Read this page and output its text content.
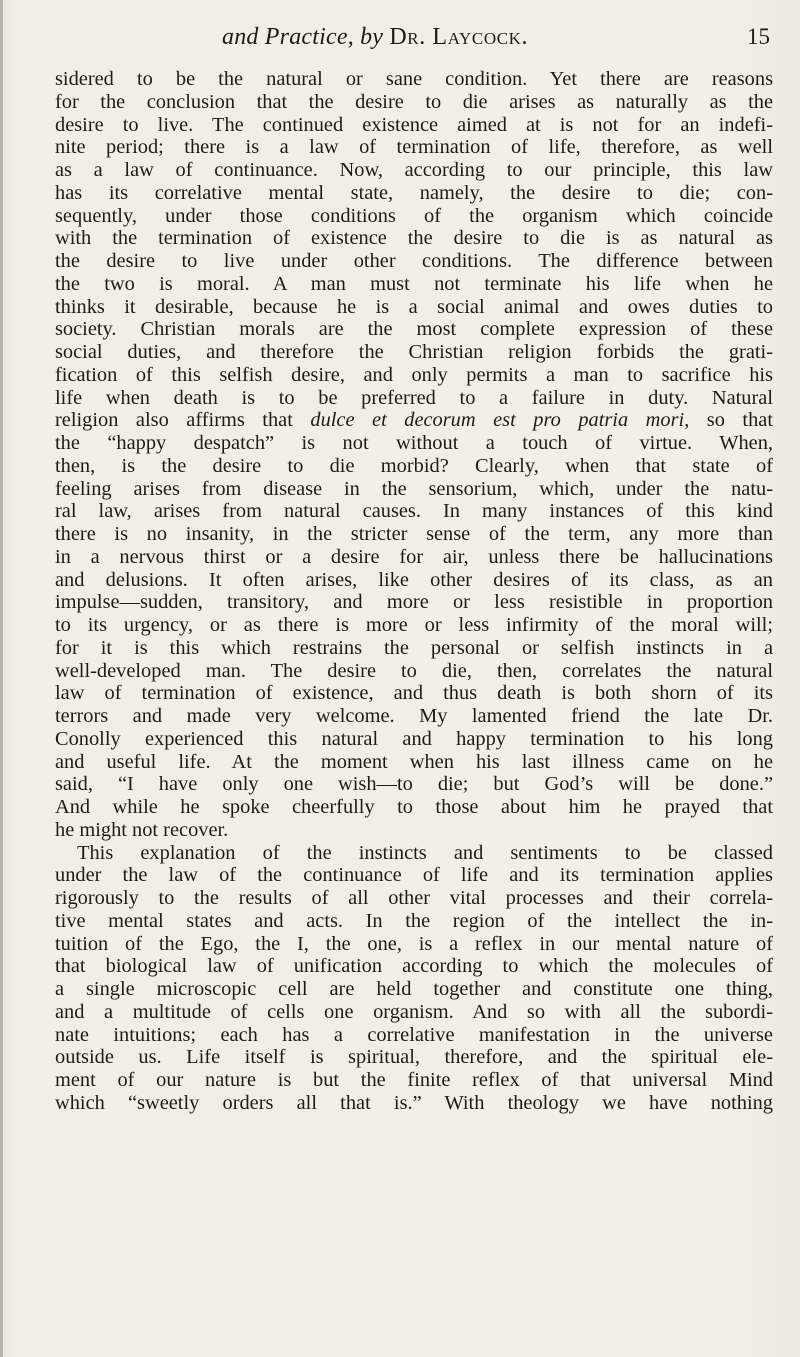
and Practice, by Dr. Laycock.	15
sidered to be the natural or sane condition. Yet there are reasons
for the conclusion that the desire to die arises as naturally as the
desire to live. The continued existence aimed at is not for an indefi-
nite period; there is a law of termination of life, therefore, as well
as a law of continuance. Now, according to our principle, this law
has its correlative mental state, namely, the desire to die; con-
sequently, under those conditions of the organism which coincide
with the termination of existence the desire to die is as natural as
the desire to live under other conditions. The difference between
the two is moral. A man must not terminate his life when he
thinks it desirable, because he is a social animal and owes duties to
society. Christian morals are the most complete expression of these
social duties, and therefore the Christian religion forbids the grati-
fication of this selfish desire, and only permits a man to sacrifice his
life when death is to be preferred to a failure in duty. Natural
religion also affirms that dulce et decorum est pro patria mori, so that
the “happy despatch” is not without a touch of virtue. When,
then, is the desire to die morbid? Clearly, when that state of
feeling arises from disease in the sensorium, which, under the natu-
ral law, arises from natural causes. In many instances of this kind
there is no insanity, in the stricter sense of the term, any more than
in a nervous thirst or a desire for air, unless there be hallucinations
and delusions. It often arises, like other desires of its class, as an
impulse—sudden, transitory, and more or less resistible in proportion
to its urgency, or as there is more or less infirmity of the moral will;
for it is this which restrains the personal or selfish instincts in a
well-developed man. The desire to die, then, correlates the natural
law of termination of existence, and thus death is both shorn of its
terrors and made very welcome. My lamented friend the late Dr.
Conolly experienced this natural and happy termination to his long
and useful life. At the moment when his last illness came on he
said, “I have only one wish—to die; but God’s will be done.”
And while he spoke cheerfully to those about him he prayed that
he might not recover.
This explanation of the instincts and sentiments to be classed
under the law of the continuance of life and its termination applies
rigorously to the results of all other vital processes and their correla-
tive mental states and acts. In the region of the intellect the in-
tuition of the Ego, the I, the one, is a reflex in our mental nature of
that biological law of unification according to which the molecules of
a single microscopic cell are held together and constitute one thing,
and a multitude of cells one organism. And so with all the subordi-
nate intuitions; each has a correlative manifestation in the universe
outside us. Life itself is spiritual, therefore, and the spiritual ele-
ment of our nature is but the finite reflex of that universal Mind
which “sweetly orders all that is.” With theology we have nothing
